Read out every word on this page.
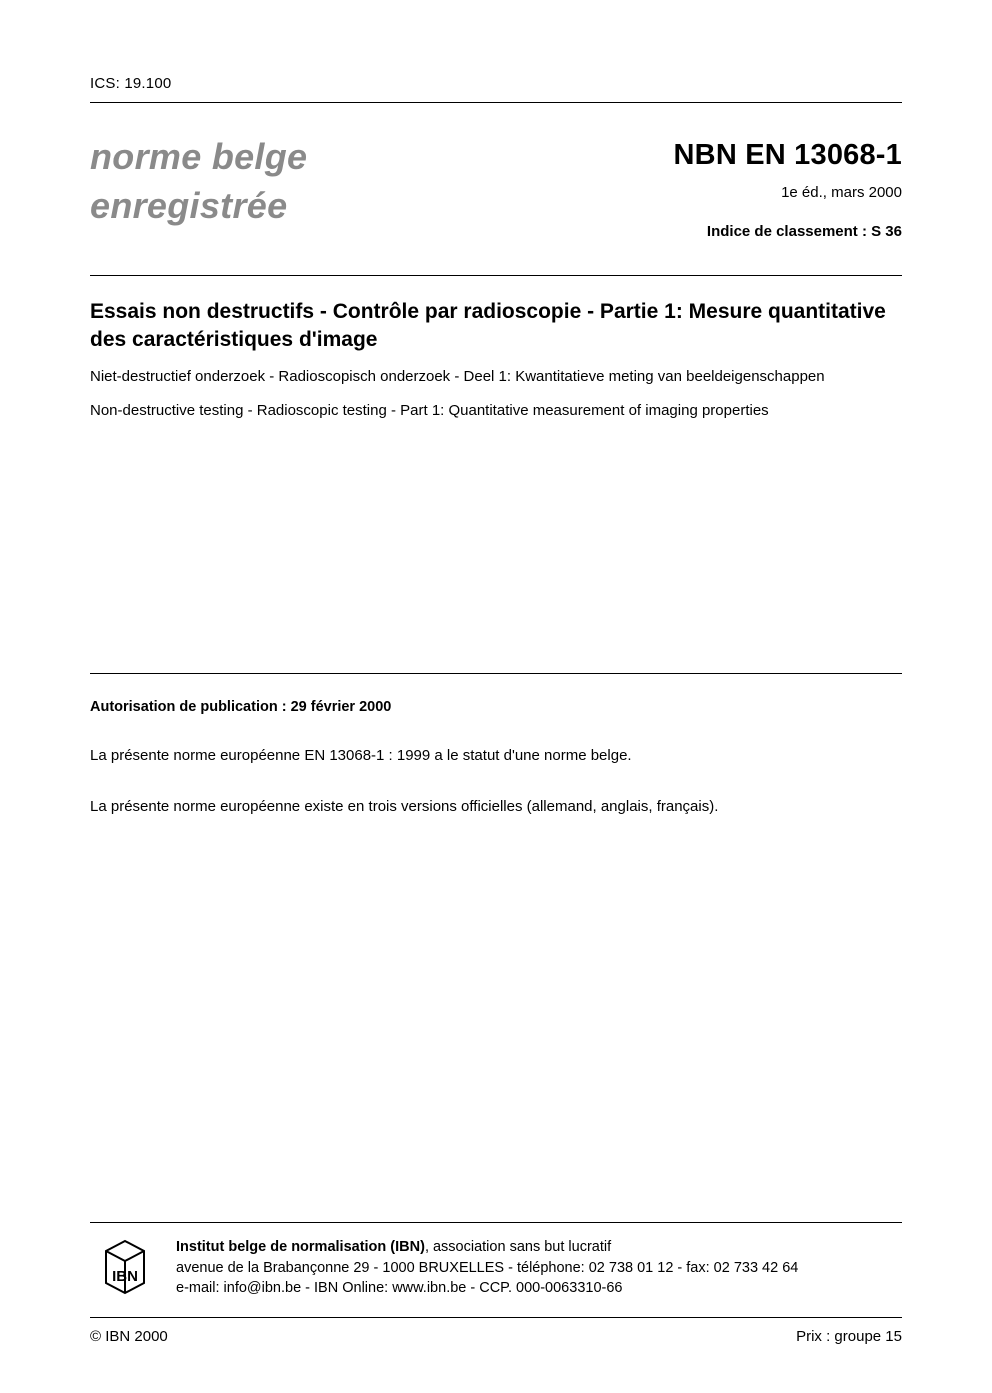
ICS: 19.100
norme belge
enregistrée
NBN EN 13068-1
1e éd., mars 2000
Indice de classement : S 36
Essais non destructifs - Contrôle par radioscopie - Partie 1: Mesure quantitative des caractéristiques d'image
Niet-destructief onderzoek - Radioscopisch onderzoek - Deel 1: Kwantitatieve meting van beeldeigenschappen
Non-destructive testing - Radioscopic testing - Part 1: Quantitative measurement of imaging properties
Autorisation de publication : 29 février 2000
La présente norme européenne EN 13068-1 : 1999 a le statut d'une norme belge.
La présente norme européenne existe en trois versions officielles (allemand, anglais, français).
IBN
Institut belge de normalisation (IBN), association sans but lucratif
avenue de la Brabançonne 29 - 1000 BRUXELLES - téléphone: 02 738 01 12 - fax: 02 733 42 64
e-mail: info@ibn.be - IBN Online: www.ibn.be - CCP. 000-0063310-66
© IBN 2000	Prix : groupe 15
